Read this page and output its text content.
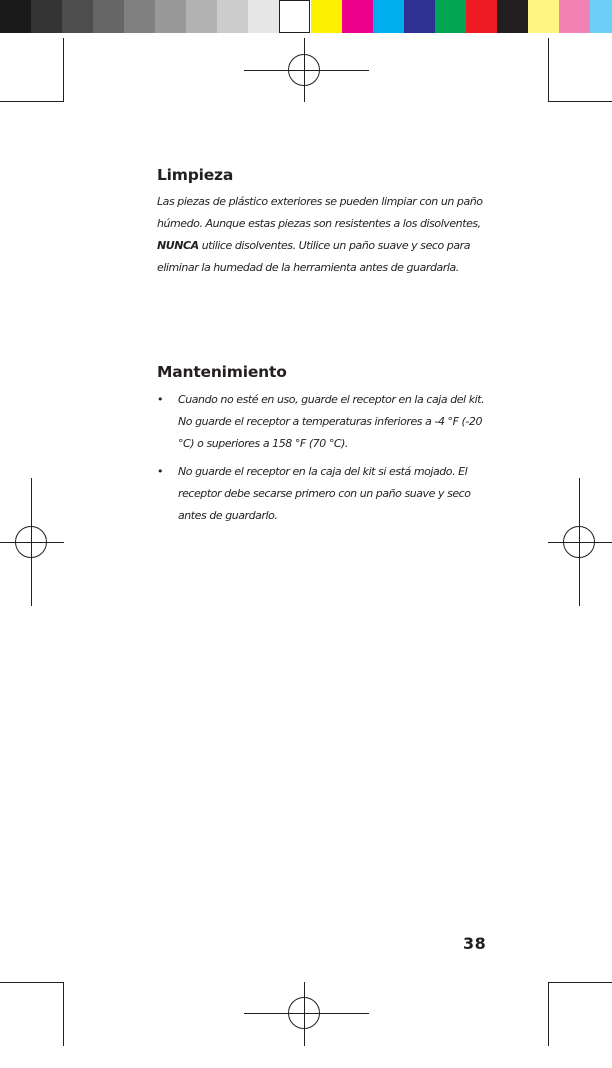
Limpieza

Las piezas de plástico exteriores se pueden limpiar con un paño húmedo. Aunque estas piezas son resistentes a los disolventes, NUNCA utilice disolventes. Utilice un paño suave y seco para eliminar la humedad de la herramienta antes de guardarla.

Mantenimiento
• Cuando no esté en uso, guarde el receptor en la caja del kit. No guarde el receptor a temperaturas inferiores a -4 °F (-20 °C) o superiores a 158 °F (70 °C).
• No guarde el receptor en la caja del kit si está mojado. El receptor debe secarse primero con un paño suave y seco antes de guardarlo.
38
